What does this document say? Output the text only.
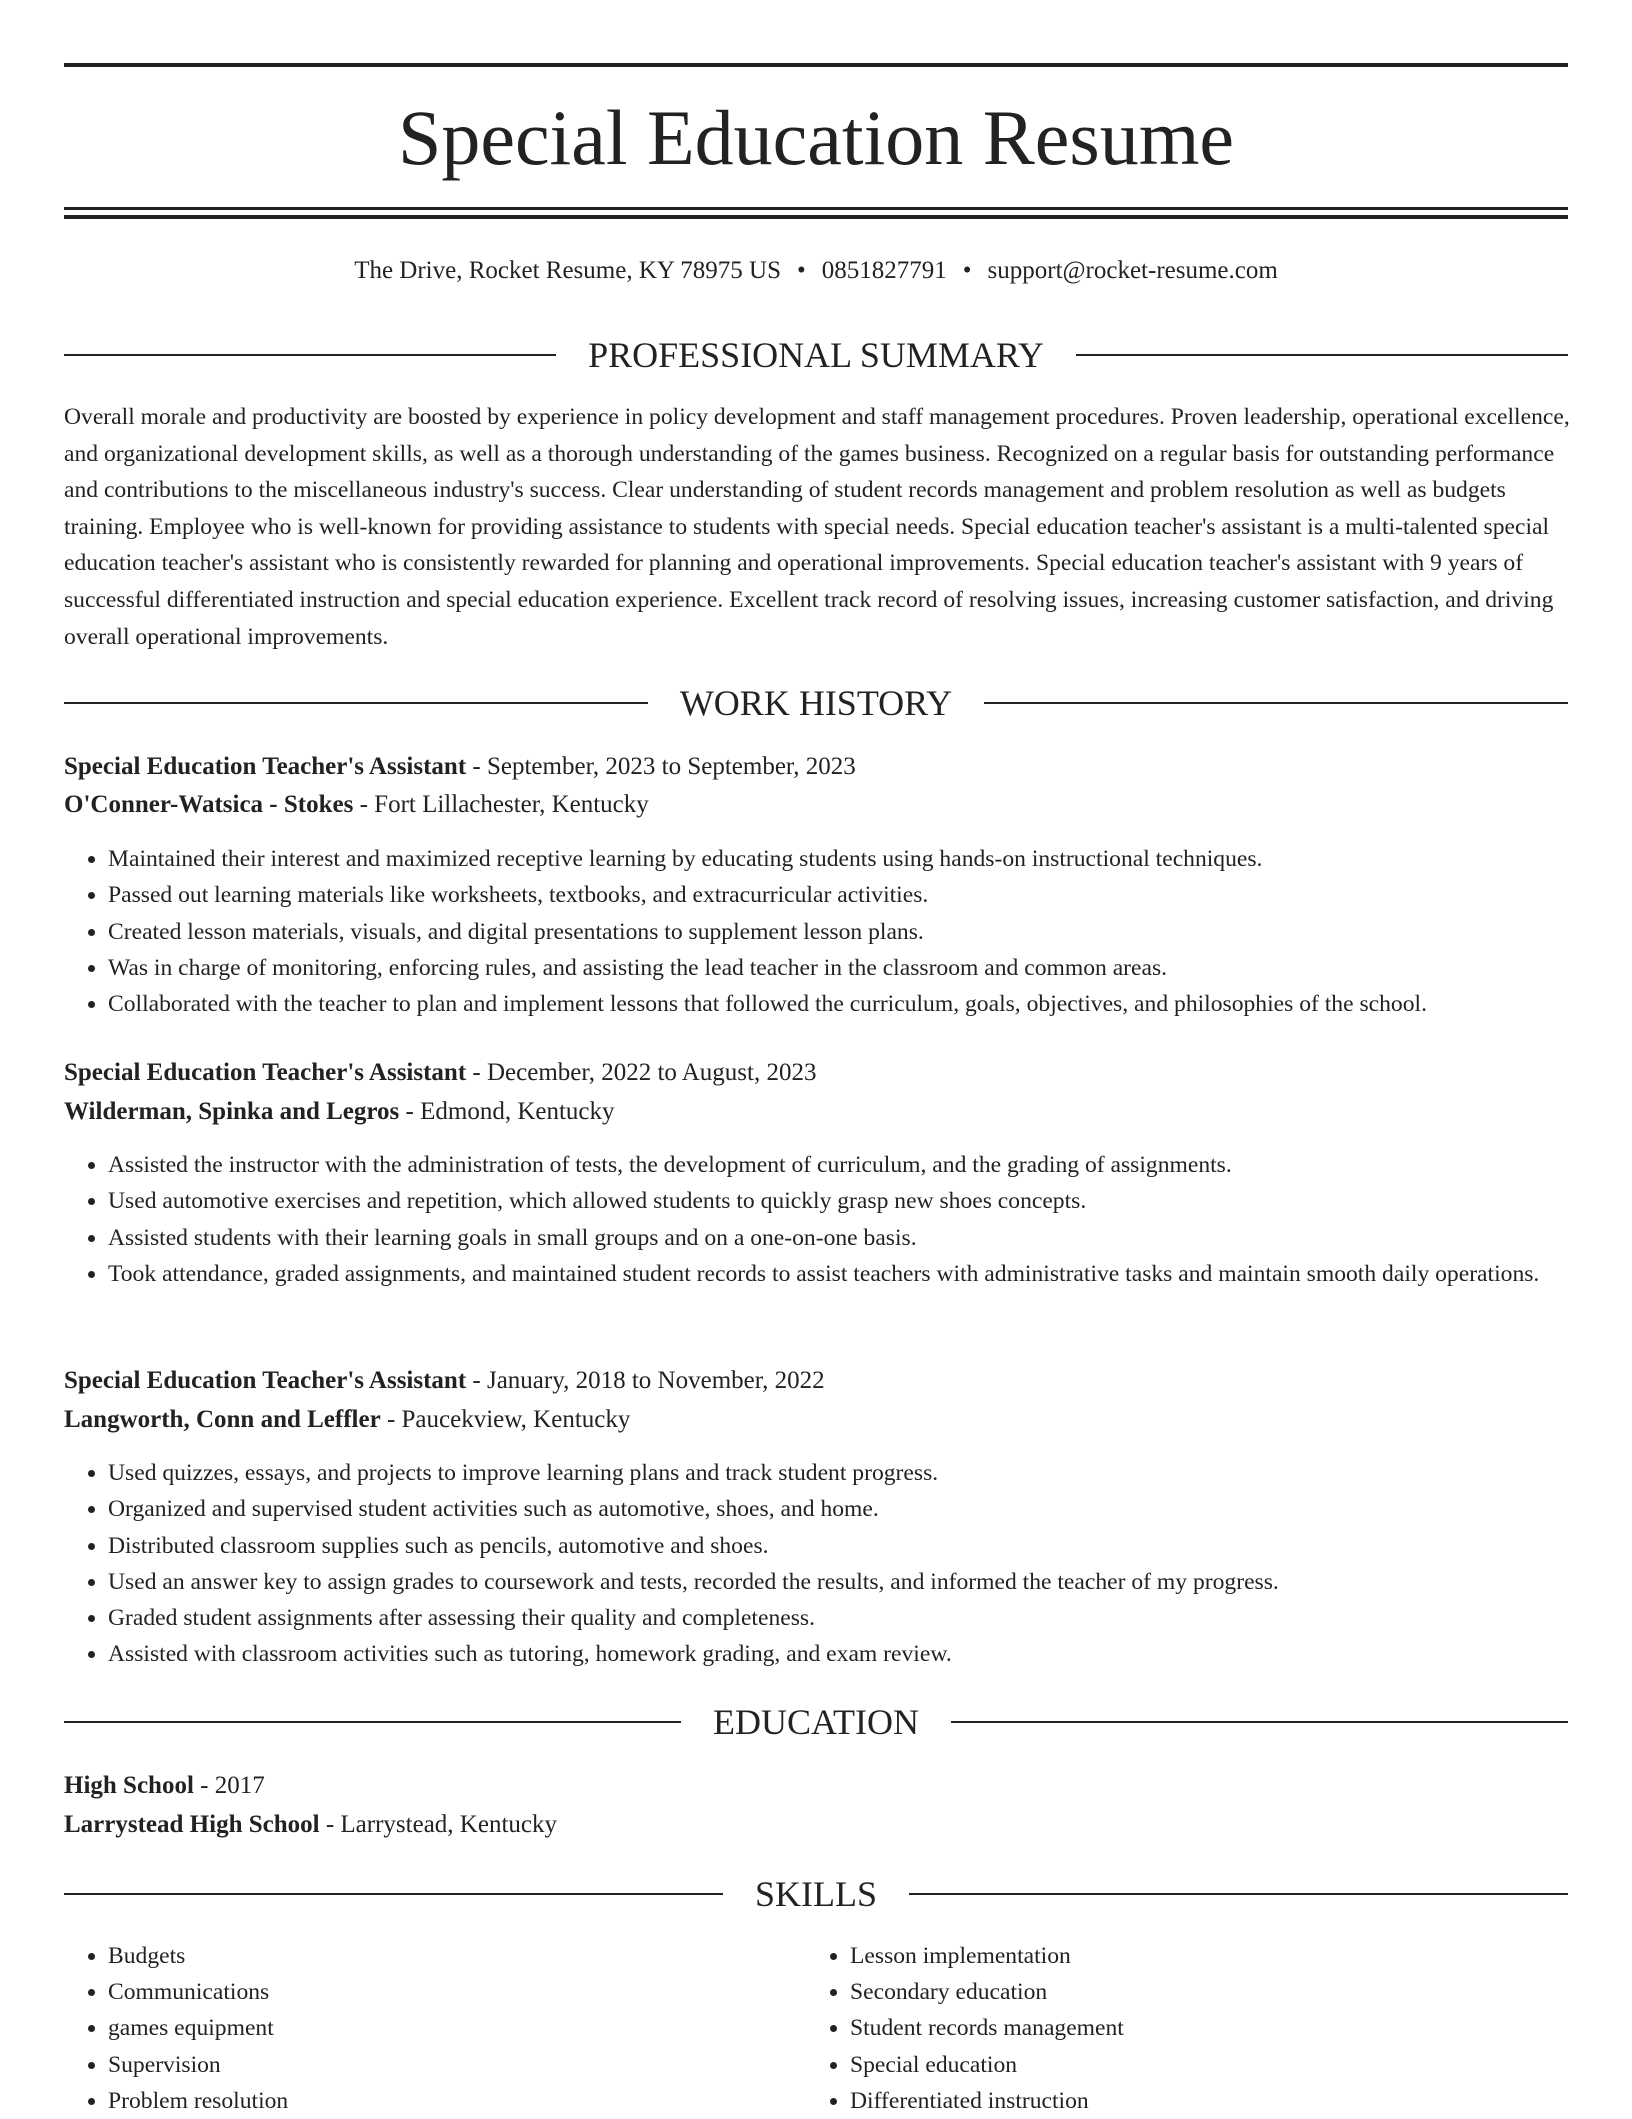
Special Education Resume
The Drive, Rocket Resume, KY 78975 US • 0851827791 • support@rocket-resume.com
PROFESSIONAL SUMMARY

Overall morale and productivity are boosted by experience in policy development and staff management procedures. Proven leadership, operational excellence, and organizational development skills, as well as a thorough understanding of the games business. Recognized on a regular basis for outstanding performance and contributions to the miscellaneous industry's success. Clear understanding of student records management and problem resolution as well as budgets training. Employee who is well-known for providing assistance to students with special needs. Special education teacher's assistant is a multi-talented special education teacher's assistant who is consistently rewarded for planning and operational improvements. Special education teacher's assistant with 9 years of successful differentiated instruction and special education experience. Excellent track record of resolving issues, increasing customer satisfaction, and driving overall operational improvements.

WORK HISTORY
Special Education Teacher's Assistant - September, 2023 to September, 2023
O'Conner-Watsica - Stokes - Fort Lillachester, Kentucky
• Maintained their interest and maximized receptive learning by educating students using hands-on instructional techniques.
• Passed out learning materials like worksheets, textbooks, and extracurricular activities.
• Created lesson materials, visuals, and digital presentations to supplement lesson plans.
• Was in charge of monitoring, enforcing rules, and assisting the lead teacher in the classroom and common areas.
• Collaborated with the teacher to plan and implement lessons that followed the curriculum, goals, objectives, and philosophies of the school.
Special Education Teacher's Assistant - December, 2022 to August, 2023
Wilderman, Spinka and Legros - Edmond, Kentucky
• Assisted the instructor with the administration of tests, the development of curriculum, and the grading of assignments.
• Used automotive exercises and repetition, which allowed students to quickly grasp new shoes concepts.
• Assisted students with their learning goals in small groups and on a one-on-one basis.
• Took attendance, graded assignments, and maintained student records to assist teachers with administrative tasks and maintain smooth daily operations.
Special Education Teacher's Assistant - January, 2018 to November, 2022
Langworth, Conn and Leffler - Paucekview, Kentucky
• Used quizzes, essays, and projects to improve learning plans and track student progress.
• Organized and supervised student activities such as automotive, shoes, and home.
• Distributed classroom supplies such as pencils, automotive and shoes.
• Used an answer key to assign grades to coursework and tests, recorded the results, and informed the teacher of my progress.
• Graded student assignments after assessing their quality and completeness.
• Assisted with classroom activities such as tutoring, homework grading, and exam review.
EDUCATION
High School - 2017
Larrystead High School - Larrystead, Kentucky
SKILLS
• Budgets
• Communications
• games equipment
• Supervision
• Problem resolution
• Lesson implementation
• Secondary education
• Student records management
• Special education
• Differentiated instruction
